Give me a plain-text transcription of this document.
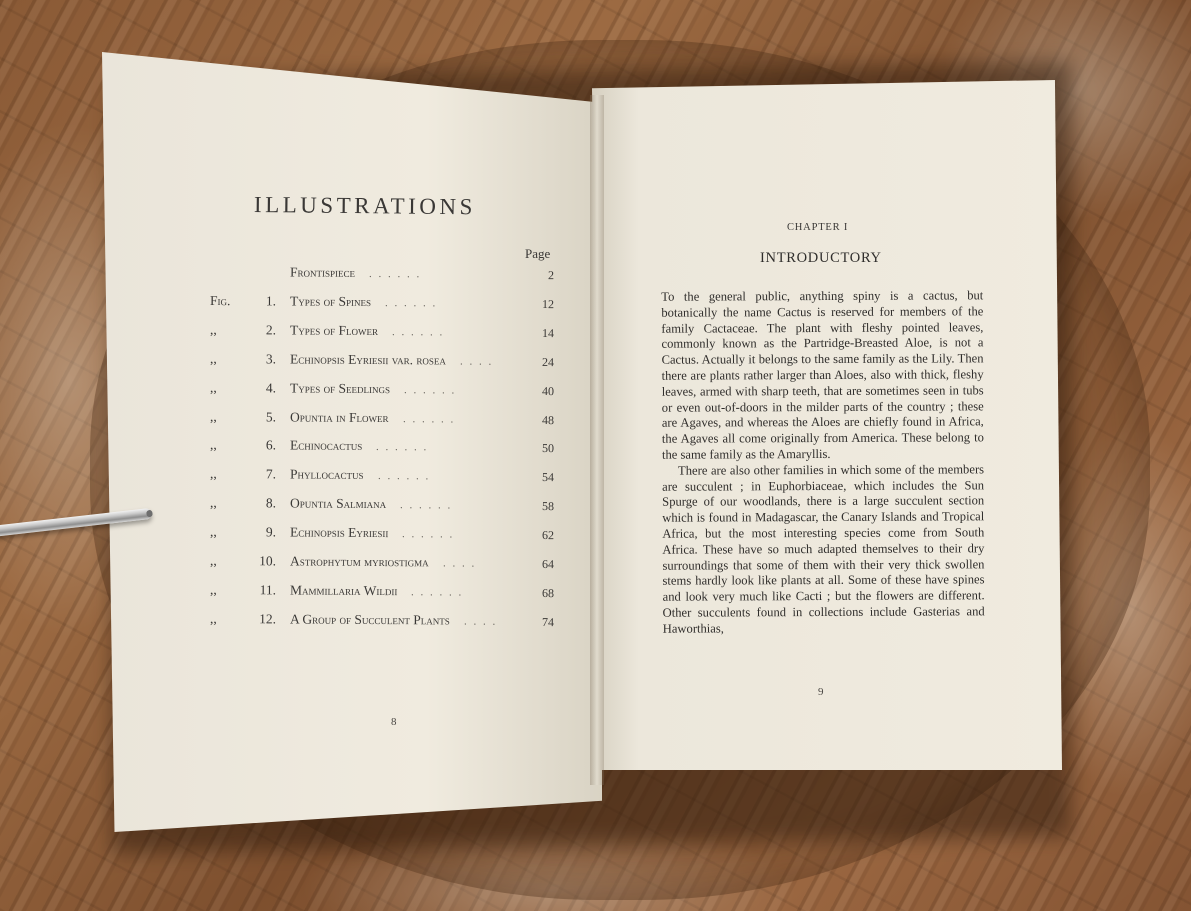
ILLUSTRATIONS
Page
Frontispiece . . . . . .	2
Fig.	1. Types of Spines . . . . . .	12
,,	2. Types of Flower . . . . . .	14
,,	3. Echinopsis Eyriesii var. rosea . . . .	24
,,	4. Types of Seedlings . . . . . .	40
,,	5. Opuntia in Flower . . . . . .	48
,,	6. Echinocactus . . . . . .	50
,,	7. Phyllocactus . . . . . .	54
,,	8. Opuntia Salmiana . . . . . .	58
,,	9. Echinopsis Eyriesii . . . . . .	62
,,	10. Astrophytum myriostigma . . . .	64
,,	11. Mammillaria Wildii . . . . . .	68
,,	12. A Group of Succulent Plants . . . .	74
8
CHAPTER I
INTRODUCTORY

To the general public, anything spiny is a cactus, but botanically the name Cactus is reserved for members of the family Cactaceae. The plant with fleshy pointed leaves, commonly known as the Partridge-Breasted Aloe, is not a Cactus. Actually it belongs to the same family as the Lily. Then there are plants rather larger than Aloes, also with thick, fleshy leaves, armed with sharp teeth, that are sometimes seen in tubs or even out-of-doors in the milder parts of the country ; these are Agaves, and whereas the Aloes are chiefly found in Africa, the Agaves all come originally from America. These belong to the same family as the Amaryllis.

There are also other families in which some of the members are succulent ; in Euphorbiaceae, which includes the Sun Spurge of our woodlands, there is a large succulent section which is found in Madagascar, the Canary Islands and Tropical Africa, but the most interesting species come from South Africa. These have so much adapted themselves to their dry surroundings that some of them with their very thick swollen stems hardly look like plants at all. Some of these have spines and look very much like Cacti ; but the flowers are different. Other succulents found in collections include Gasterias and Haworthias,

9
